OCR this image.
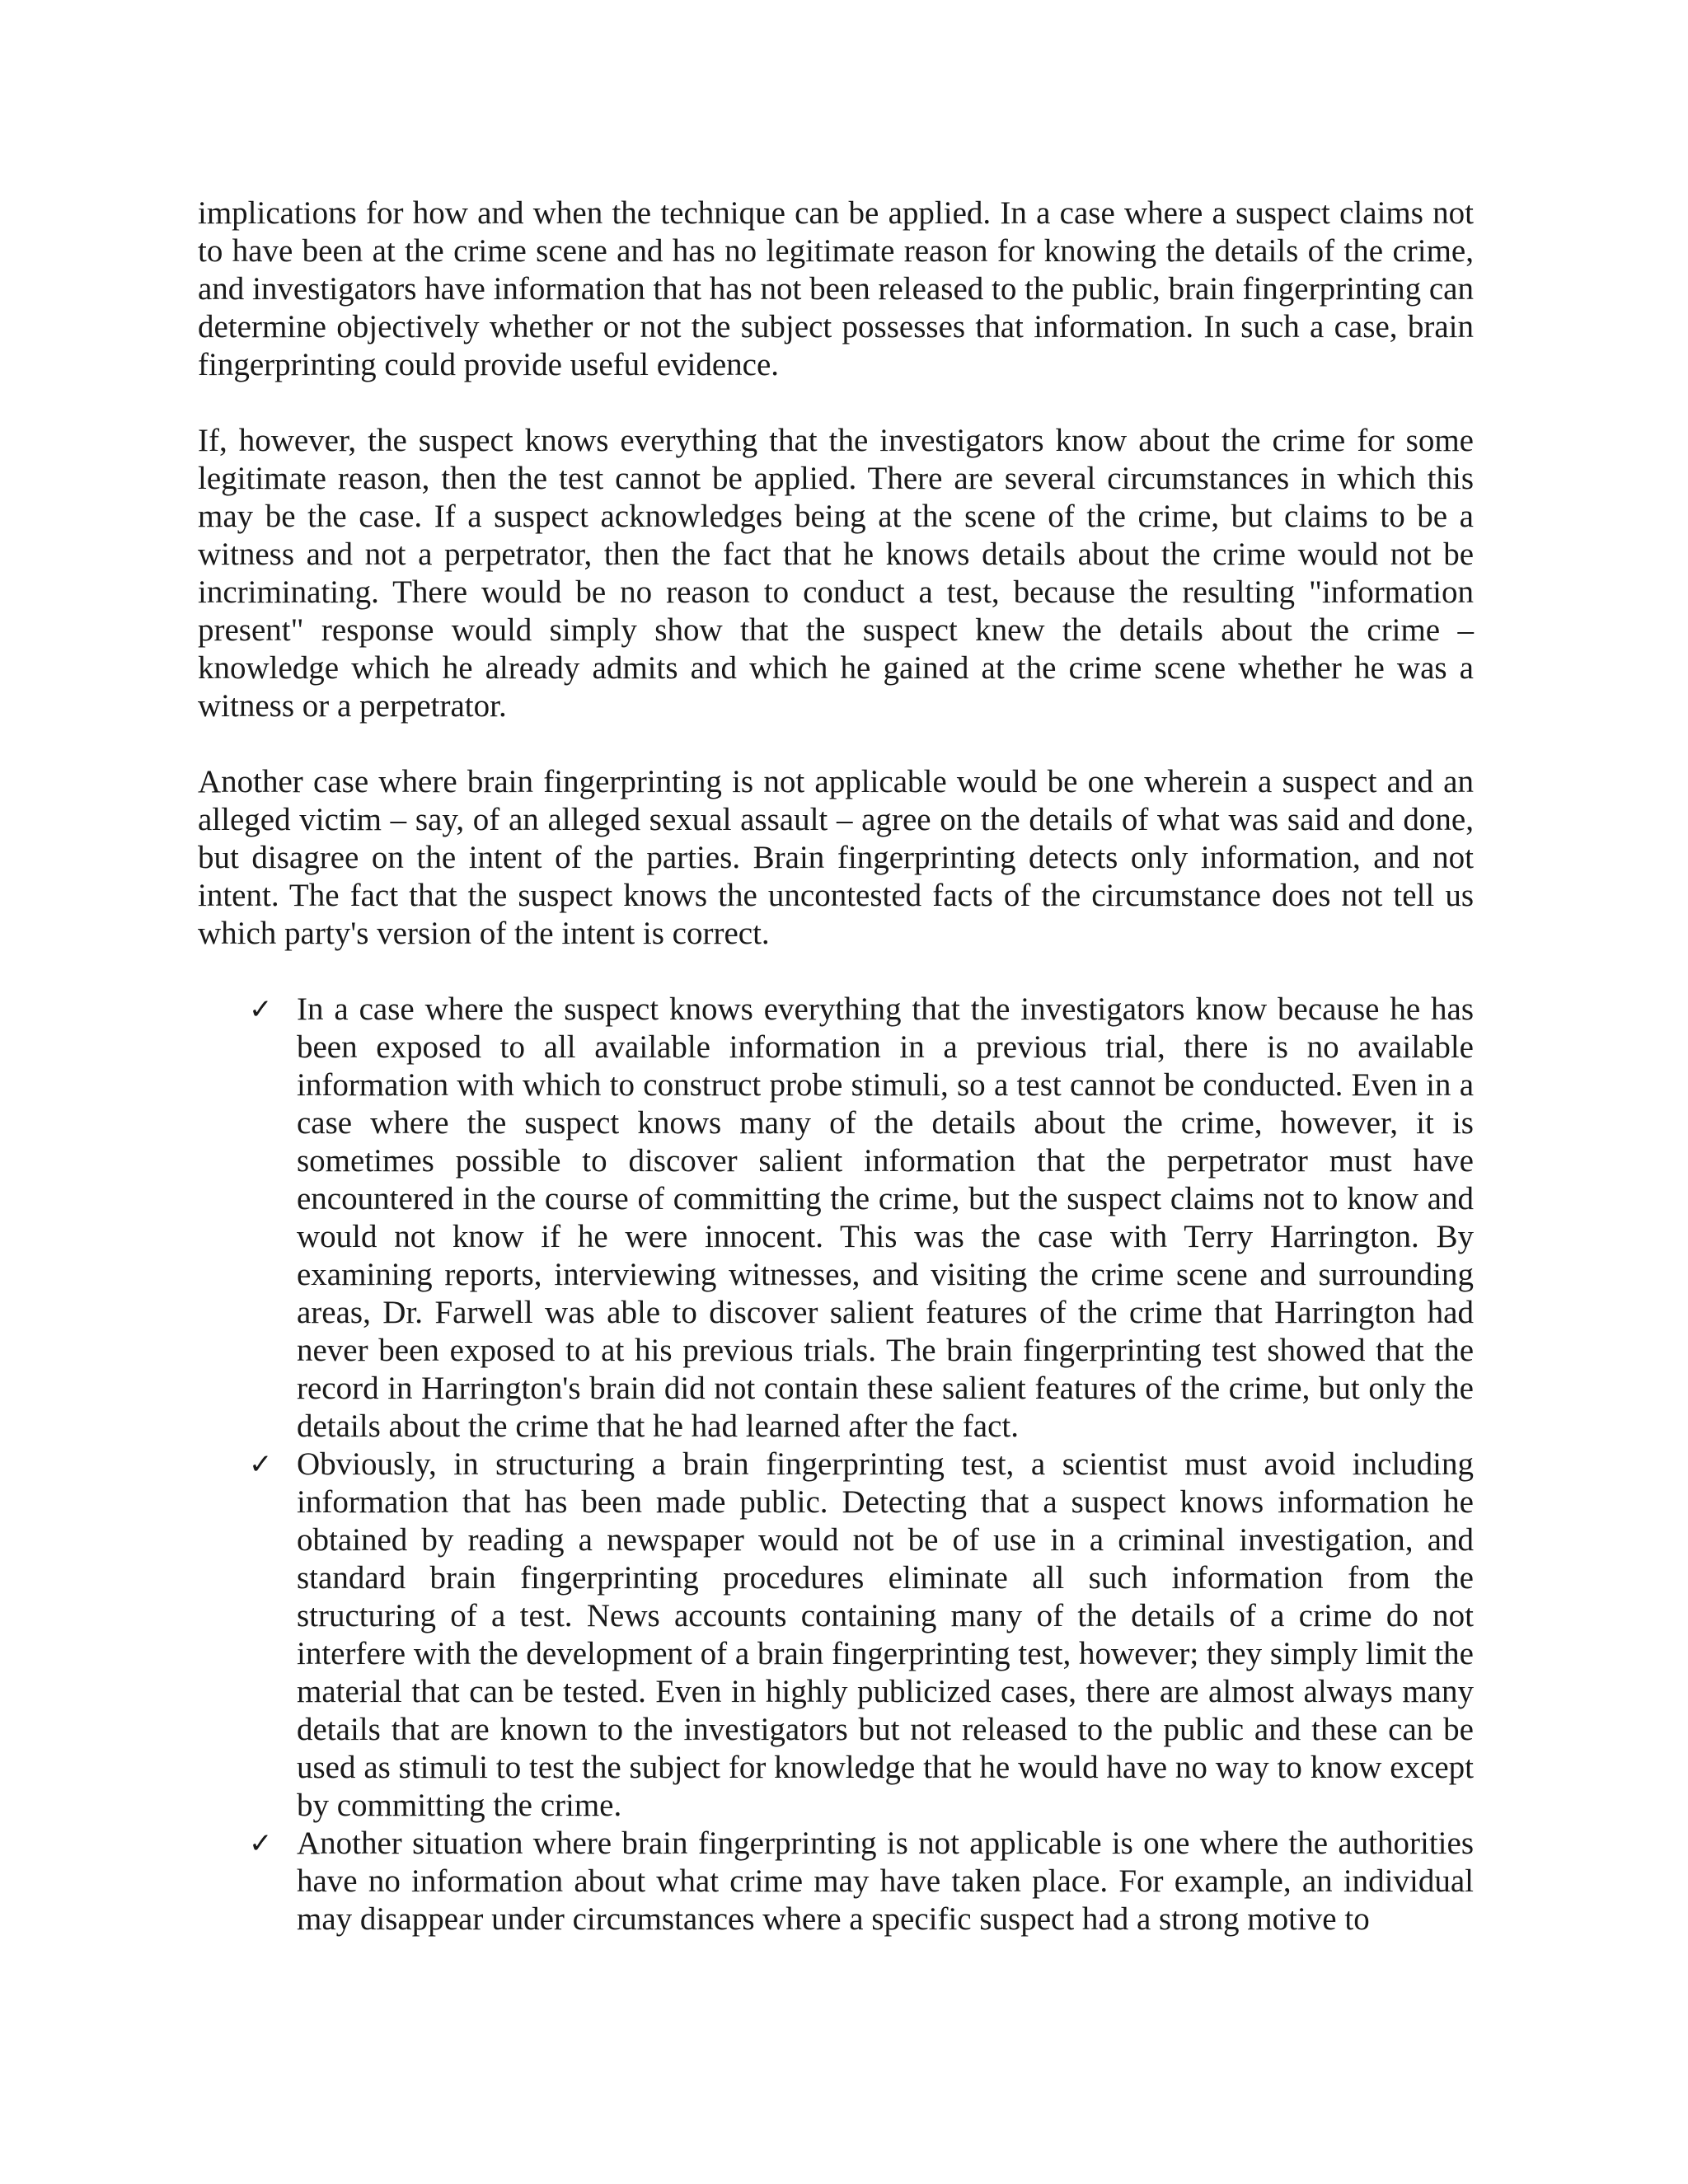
implications for how and when the technique can be applied. In a case where a suspect claims not to have been at the crime scene and has no legitimate reason for knowing the details of the crime, and investigators have information that has not been released to the public, brain fingerprinting can determine objectively whether or not the subject possesses that information. In such a case, brain fingerprinting could provide useful evidence.

If, however, the suspect knows everything that the investigators know about the crime for some legitimate reason, then the test cannot be applied. There are several circumstances in which this may be the case. If a suspect acknowledges being at the scene of the crime, but claims to be a witness and not a perpetrator, then the fact that he knows details about the crime would not be incriminating. There would be no reason to conduct a test, because the resulting "information present" response would simply show that the suspect knew the details about the crime – knowledge which he already admits and which he gained at the crime scene whether he was a witness or a perpetrator.

Another case where brain fingerprinting is not applicable would be one wherein a suspect and an alleged victim – say, of an alleged sexual assault – agree on the details of what was said and done, but disagree on the intent of the parties. Brain fingerprinting detects only information, and not intent. The fact that the suspect knows the uncontested facts of the circumstance does not tell us which party's version of the intent is correct.

✓ In a case where the suspect knows everything that the investigators know because he has been exposed to all available information in a previous trial, there is no available information with which to construct probe stimuli, so a test cannot be conducted. Even in a case where the suspect knows many of the details about the crime, however, it is sometimes possible to discover salient information that the perpetrator must have encountered in the course of committing the crime, but the suspect claims not to know and would not know if he were innocent. This was the case with Terry Harrington. By examining reports, interviewing witnesses, and visiting the crime scene and surrounding areas, Dr. Farwell was able to discover salient features of the crime that Harrington had never been exposed to at his previous trials. The brain fingerprinting test showed that the record in Harrington's brain did not contain these salient features of the crime, but only the details about the crime that he had learned after the fact.
✓ Obviously, in structuring a brain fingerprinting test, a scientist must avoid including information that has been made public. Detecting that a suspect knows information he obtained by reading a newspaper would not be of use in a criminal investigation, and standard brain fingerprinting procedures eliminate all such information from the structuring of a test. News accounts containing many of the details of a crime do not interfere with the development of a brain fingerprinting test, however; they simply limit the material that can be tested. Even in highly publicized cases, there are almost always many details that are known to the investigators but not released to the public and these can be used as stimuli to test the subject for knowledge that he would have no way to know except by committing the crime.
✓ Another situation where brain fingerprinting is not applicable is one where the authorities have no information about what crime may have taken place. For example, an individual may disappear under circumstances where a specific suspect had a strong motive to
